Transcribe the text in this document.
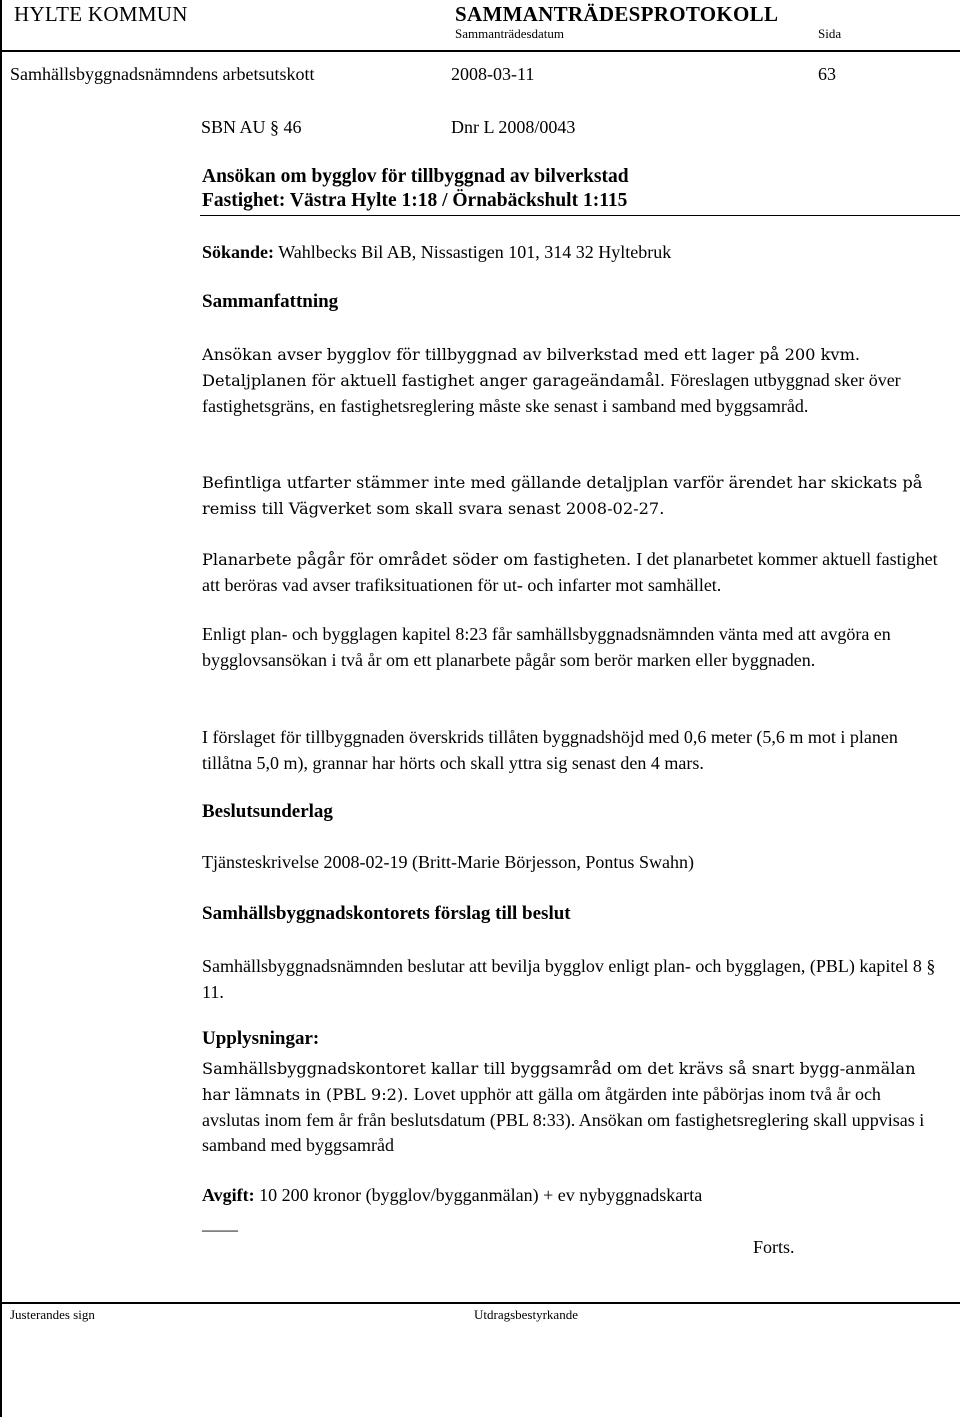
HYLTE KOMMUN	SAMMANTRÄDESPROTOKOLL
Sammanträdesdatum	Sida
Samhällsbyggnadsnämndens arbetsutskott	2008-03-11	63
SBN AU § 46	Dnr L 2008/0043
Ansökan om bygglov för tillbyggnad av bilverkstad
Fastighet: Västra Hylte 1:18 / Örnabäckshult 1:115
Sökande: Wahlbecks Bil AB, Nissastigen 101, 314 32 Hyltebruk
Sammanfattning

Ansökan avser bygglov för tillbyggnad av bilverkstad med ett lager på 200 kvm. Detaljplanen för aktuell fastighet anger garageändamål. Föreslagen utbyggnad sker över fastighetsgräns, en fastighetsreglering måste ske senast i samband med byggsamråd.

Befintliga utfarter stämmer inte med gällande detaljplan varför ärendet har skickats på remiss till Vägverket som skall svara senast 2008-02-27.

Planarbete pågår för området söder om fastigheten. I det planarbetet kommer aktuell fastighet att beröras vad avser trafiksituationen för ut- och infarter mot samhället.

Enligt plan- och bygglagen kapitel 8:23 får samhällsbyggnadsnämnden vänta med att avgöra en bygglovsansökan i två år om ett planarbete pågår som berör marken eller byggnaden.

I förslaget för tillbyggnaden överskrids tillåten byggnadshöjd med 0,6 meter (5,6 m mot i planen tillåtna 5,0 m), grannar har hörts och skall yttra sig senast den 4 mars.

Beslutsunderlag
Tjänsteskrivelse 2008-02-19 (Britt-Marie Börjesson, Pontus Swahn)
Samhällsbyggnadskontorets förslag till beslut

Samhällsbyggnadsnämnden beslutar att bevilja bygglov enligt plan- och bygglagen, (PBL) kapitel 8 § 11.

Upplysningar:

Samhällsbyggnadskontoret kallar till byggsamråd om det krävs så snart bygg-anmälan har lämnats in (PBL 9:2). Lovet upphör att gälla om åtgärden inte påbörjas inom två år och avslutas inom fem år från beslutsdatum (PBL 8:33). Ansökan om fastighetsreglering skall uppvisas i samband med byggsamråd

Avgift: 10 200 kronor (bygglov/bygganmälan) + ev nybyggnadskarta
____
Forts.
Justerandes sign	Utdragsbestyrkande
